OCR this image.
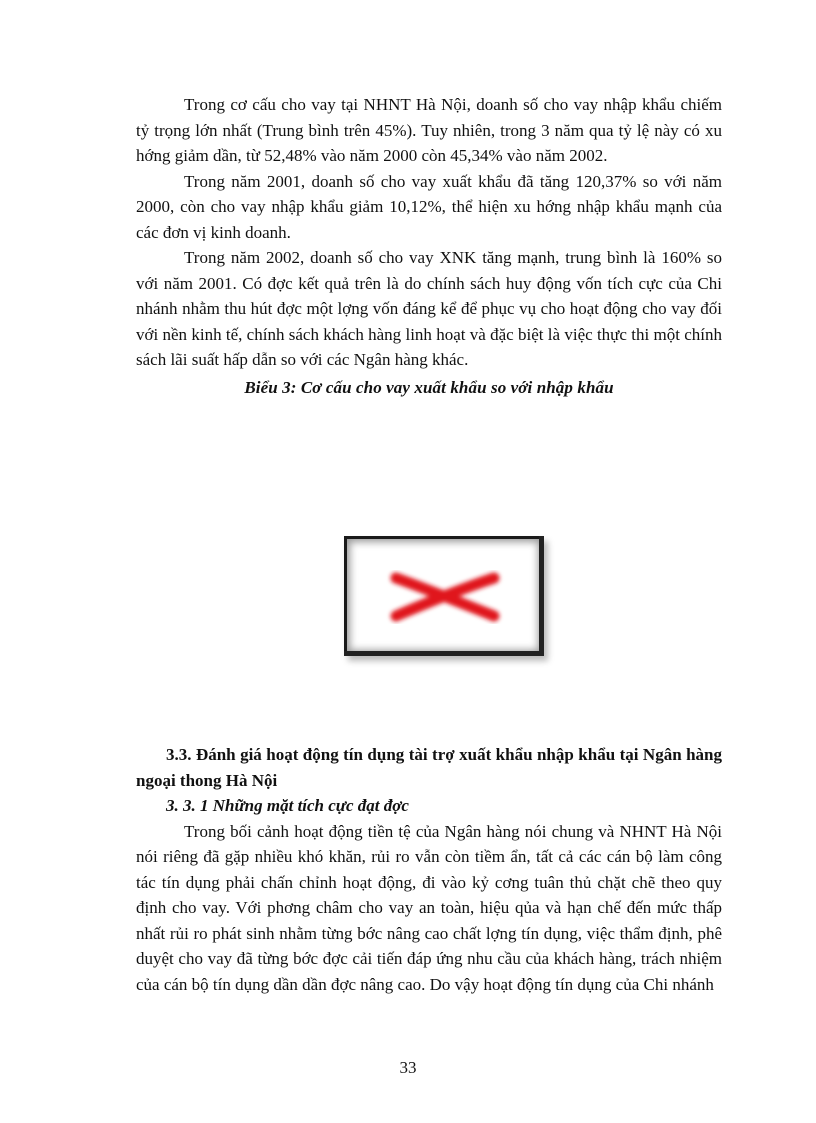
Trong cơ cấu cho vay tại NHNT Hà Nội, doanh số cho vay nhập khẩu chiếm tỷ trọng lớn nhất (Trung bình trên 45%). Tuy nhiên, trong 3 năm qua tỷ lệ này có xu hớng giảm dần, từ 52,48% vào năm 2000 còn 45,34% vào năm 2002.

Trong năm 2001, doanh số cho vay xuất khẩu đã tăng 120,37% so với năm 2000, còn cho vay nhập khẩu giảm 10,12%, thể hiện xu hớng nhập khẩu mạnh của các đơn vị kinh doanh.

Trong năm 2002, doanh số cho vay XNK tăng mạnh, trung bình là 160% so với năm 2001. Có đợc kết quả trên là do chính sách huy động vốn tích cực của Chi nhánh nhằm thu hút đợc một lợng vốn đáng kể để phục vụ cho hoạt động cho vay đối với nền kinh tế, chính sách khách hàng linh hoạt và đặc biệt là việc thực thi một chính sách lãi suất hấp dẫn so với các Ngân hàng khác.

Biểu 3: Cơ cấu cho vay xuất khẩu so với nhập khẩu

3.3. Đánh giá hoạt động tín dụng tài trợ xuất khẩu nhập khẩu tại Ngân hàng ngoại thong Hà Nội

3. 3. 1 Những mặt tích cực đạt đợc

Trong bối cảnh hoạt động tiền tệ của Ngân hàng nói chung và NHNT Hà Nội nói riêng đã gặp nhiều khó khăn, rủi ro vẫn còn tiềm ẩn, tất cả các cán bộ làm công tác tín dụng phải chấn chỉnh hoạt động, đi vào kỷ cơng tuân thủ chặt chẽ theo quy định cho vay. Với phơng châm cho vay an toàn, hiệu qủa và hạn chế đến mức thấp nhất rủi ro phát sinh nhằm từng bớc nâng cao chất lợng tín dụng, việc thẩm định, phê duyệt cho vay đã từng bớc đợc cải tiến đáp ứng nhu cầu của khách hàng, trách nhiệm của cán bộ tín dụng dần dần đợc nâng cao. Do vậy hoạt động tín dụng của Chi nhánh

33
